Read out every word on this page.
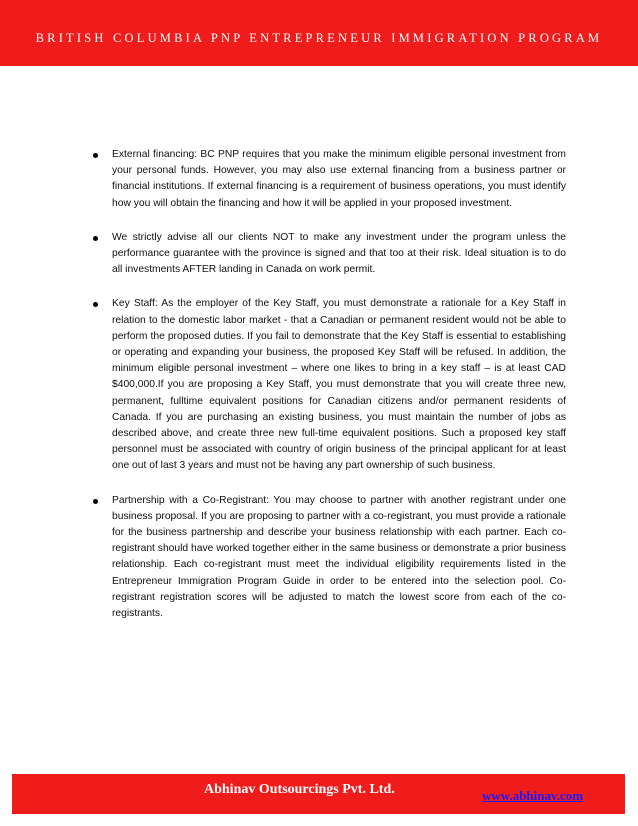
BRITISH COLUMBIA PNP ENTREPRENEUR IMMIGRATION PROGRAM

External financing: BC PNP requires that you make the minimum eligible personal investment from your personal funds. However, you may also use external financing from a business partner or financial institutions. If external financing is a requirement of business operations, you must identify how you will obtain the financing and how it will be applied in your proposed investment.

We strictly advise all our clients NOT to make any investment under the program unless the performance guarantee with the province is signed and that too at their risk. Ideal situation is to do all investments AFTER landing in Canada on work permit.

Key Staff: As the employer of the Key Staff, you must demonstrate a rationale for a Key Staff in relation to the domestic labor market - that a Canadian or permanent resident would not be able to perform the proposed duties. If you fail to demonstrate that the Key Staff is essential to establishing or operating and expanding your business, the proposed Key Staff will be refused. In addition, the minimum eligible personal investment – where one likes to bring in a key staff – is at least CAD $400,000.If you are proposing a Key Staff, you must demonstrate that you will create three new, permanent, fulltime equivalent positions for Canadian citizens and/or permanent residents of Canada. If you are purchasing an existing business, you must maintain the number of jobs as described above, and create three new full-time equivalent positions. Such a proposed key staff personnel must be associated with country of origin business of the principal applicant for at least one out of last 3 years and must not be having any part ownership of such business.

Partnership with a Co-Registrant: You may choose to partner with another registrant under one business proposal. If you are proposing to partner with a co-registrant, you must provide a rationale for the business partnership and describe your business relationship with each partner. Each co-registrant should have worked together either in the same business or demonstrate a prior business relationship. Each co-registrant must meet the individual eligibility requirements listed in the Entrepreneur Immigration Program Guide in order to be entered into the selection pool. Co-registrant registration scores will be adjusted to match the lowest score from each of the co-registrants.

Abhinav Outsourcings Pvt. Ltd.	www.abhinav.com
